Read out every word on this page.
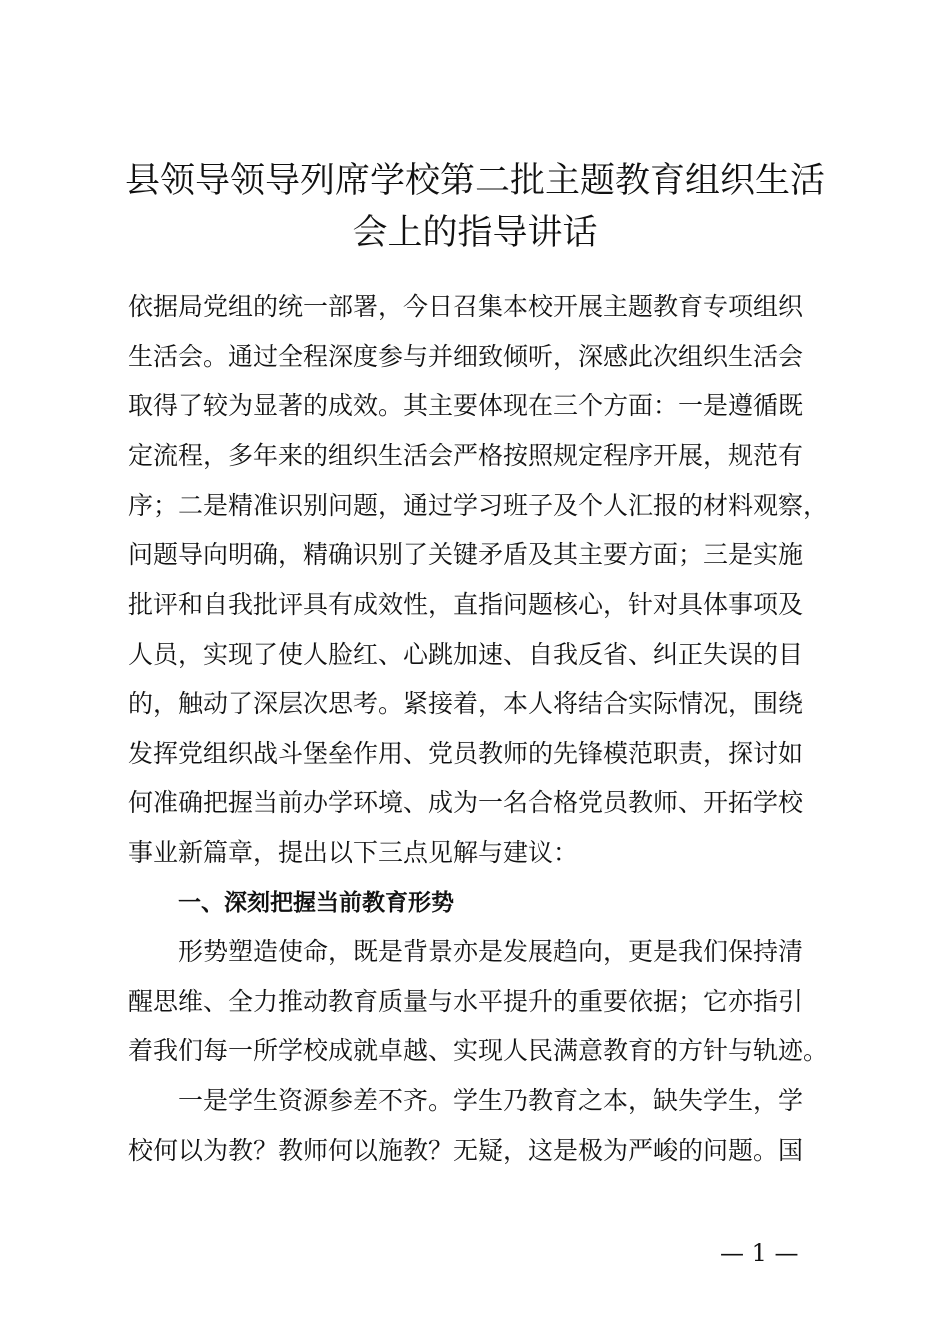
县领导领导列席学校第二批主题教育组织生活
会上的指导讲话

依据局党组的统一部署，今日召集本校开展主题教育专项组织

生活会。通过全程深度参与并细致倾听，深感此次组织生活会

取得了较为显著的成效。其主要体现在三个方面：一是遵循既

定流程，多年来的组织生活会严格按照规定程序开展，规范有

序；二是精准识别问题，通过学习班子及个人汇报的材料观察，

问题导向明确，精确识别了关键矛盾及其主要方面；三是实施

批评和自我批评具有成效性，直指问题核心，针对具体事项及

人员，实现了使人脸红、心跳加速、自我反省、纠正失误的目

的，触动了深层次思考。紧接着，本人将结合实际情况，围绕

发挥党组织战斗堡垒作用、党员教师的先锋模范职责，探讨如

何准确把握当前办学环境、成为一名合格党员教师、开拓学校

事业新篇章，提出以下三点见解与建议：

一、深刻把握当前教育形势

形势塑造使命，既是背景亦是发展趋向，更是我们保持清

醒思维、全力推动教育质量与水平提升的重要依据；它亦指引

着我们每一所学校成就卓越、实现人民满意教育的方针与轨迹。

一是学生资源参差不齐。学生乃教育之本，缺失学生，学

校何以为教？教师何以施教？无疑，这是极为严峻的问题。国

— 1 —
